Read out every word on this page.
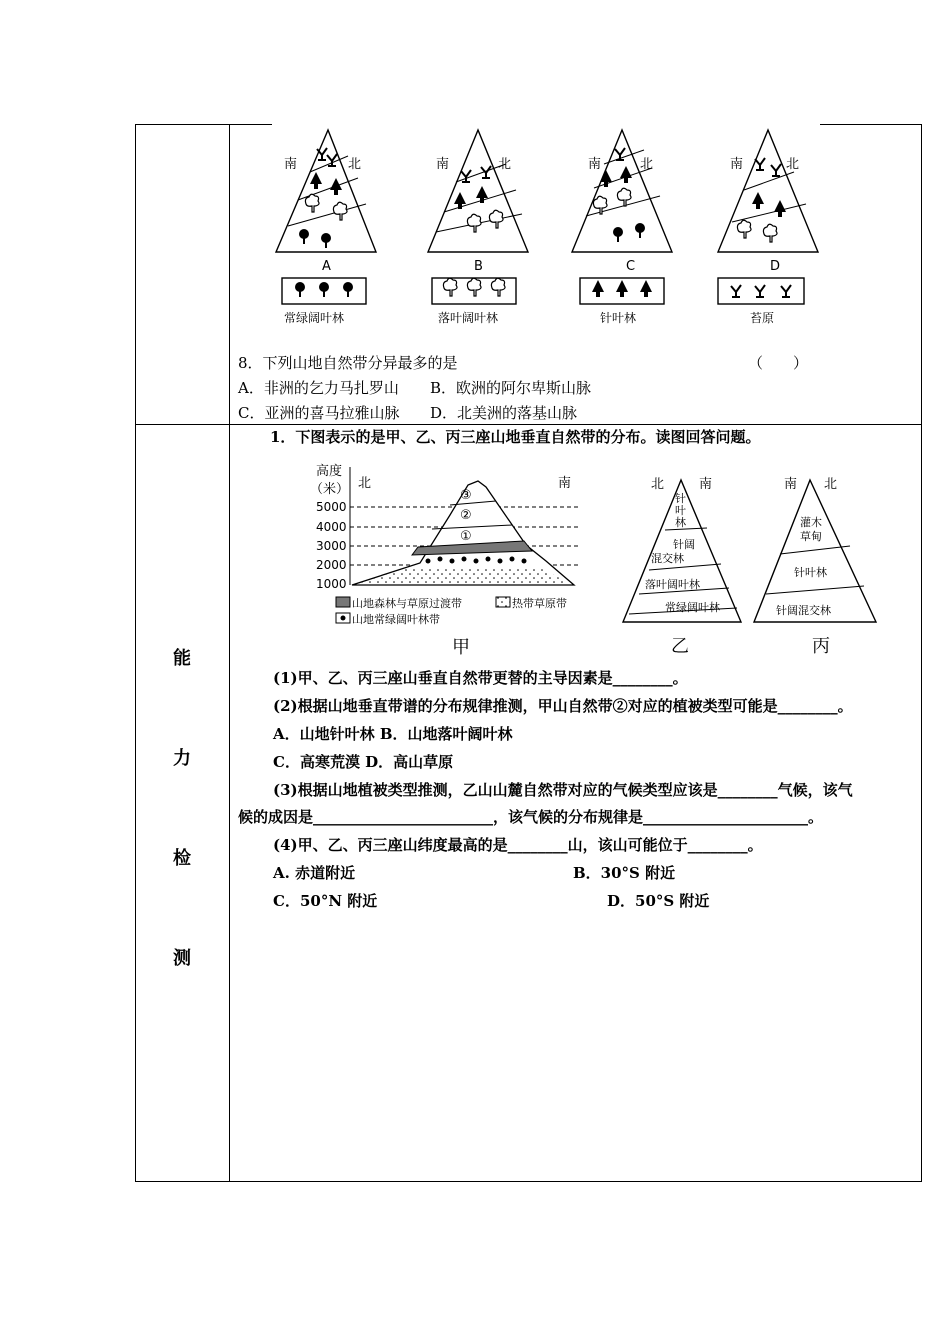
南	北	南	北	南	北	南	北
A	B	C	D
常绿阔叶林	落叶阔叶林	针叶林	苔原
8．下列山地自然带分异最多的是	（　　）
A．非洲的乞力马扎罗山 B．欧洲的阿尔卑斯山脉
C．亚洲的喜马拉雅山脉 D．北美洲的落基山脉
能
力
检
测
1．下图表示的是甲、乙、丙三座山地垂直自然带的分布。读图回答问题。
高度
（米） 北	南
5000
4000
3000
2000
1000
③
②
①
山地森林与草原过渡带	热带草原带
山地常绿阔叶林带
甲
北	南
针
叶
林
针阔
混交林
落叶阔叶林
常绿阔叶林
乙
南 北
灌木
草甸
针叶林
针阔混交林
丙
(1)甲、乙、丙三座山垂直自然带更替的主导因素是________。
(2)根据山地垂直带谱的分布规律推测，甲山自然带②对应的植被类型可能是________。
A．山地针叶林 B．山地落叶阔叶林
C．高寒荒漠 D．高山草原
(3)根据山地植被类型推测，乙山山麓自然带对应的气候类型应该是________气候，该气
候的成因是________________________，该气候的分布规律是______________________。
(4)甲、乙、丙三座山纬度最高的是________山，该山可能位于________。
A. 赤道附近	B．30°S 附近
C．50°N 附近	D．50°S 附近
